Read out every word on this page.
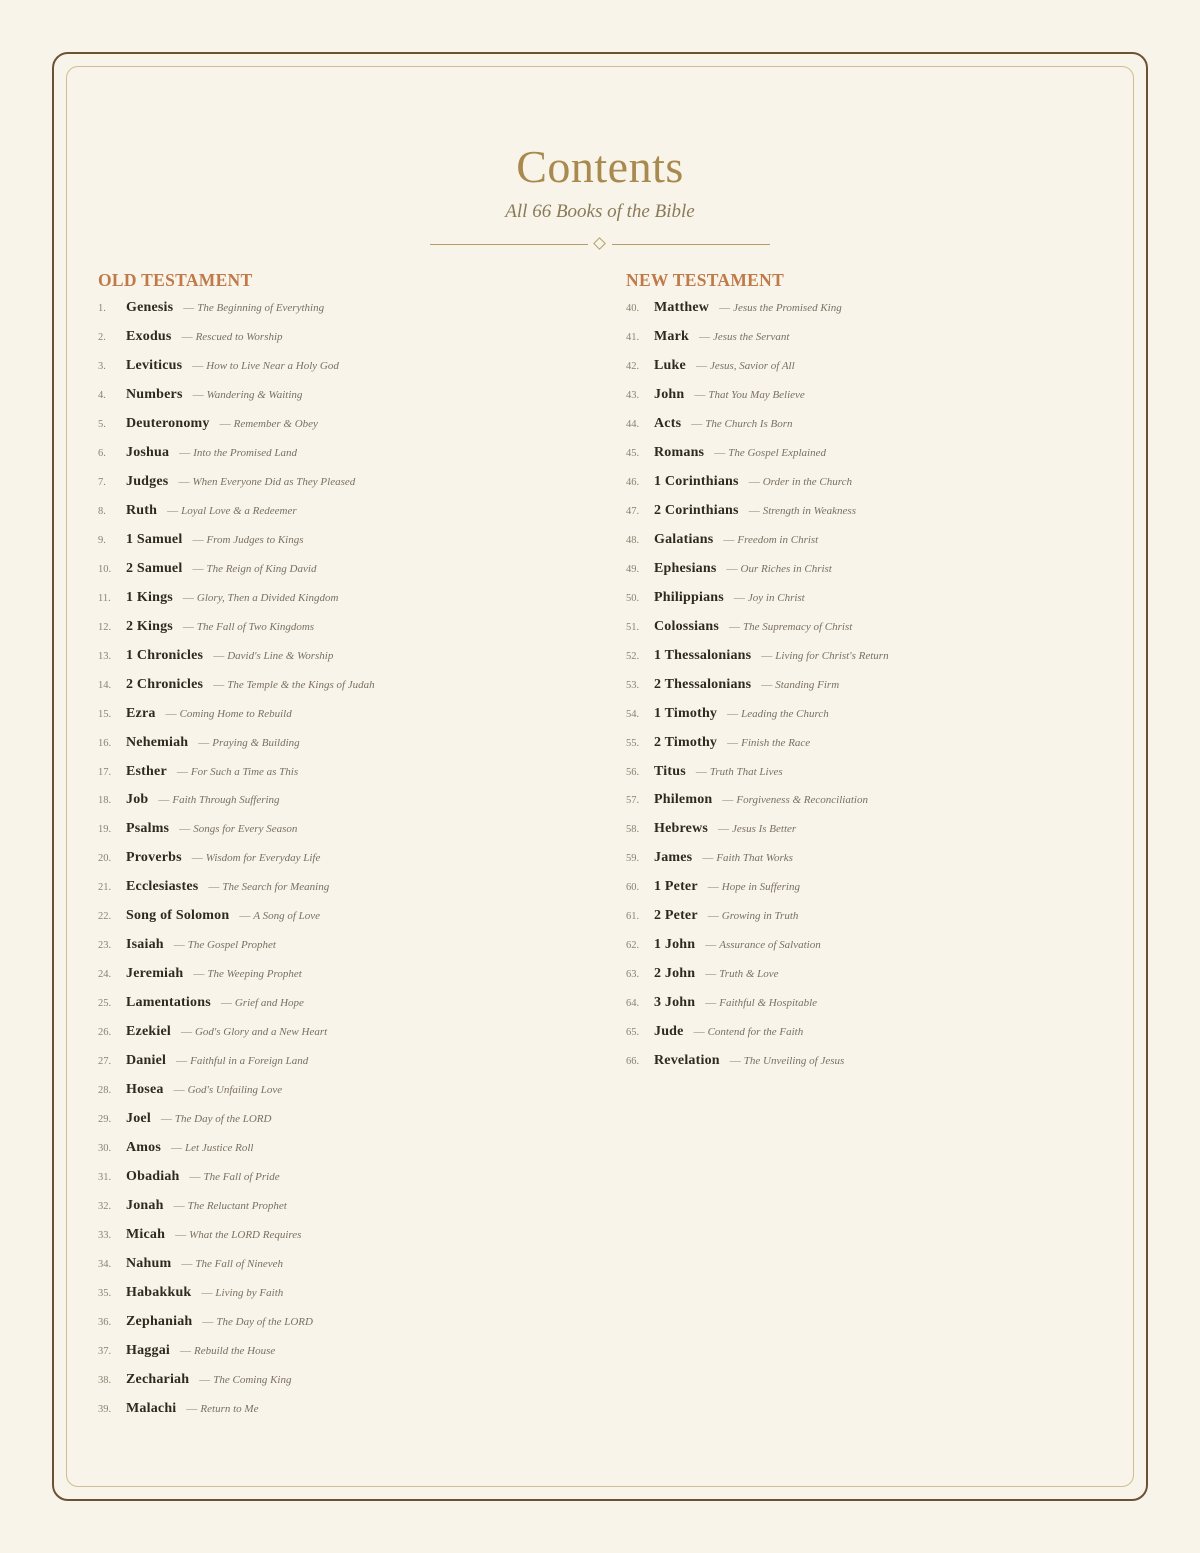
Contents
All 66 Books of the Bible
OLD TESTAMENT
1.	Genesis — The Beginning of Everything
2.	Exodus — Rescued to Worship
3.	Leviticus — How to Live Near a Holy God
4.	Numbers — Wandering & Waiting
5.	Deuteronomy — Remember & Obey
6.	Joshua — Into the Promised Land
7.	Judges — When Everyone Did as They Pleased
8.	Ruth — Loyal Love & a Redeemer
9.	1 Samuel — From Judges to Kings
10.	2 Samuel — The Reign of King David
11.	1 Kings — Glory, Then a Divided Kingdom
12.	2 Kings — The Fall of Two Kingdoms
13.	1 Chronicles — David's Line & Worship
14.	2 Chronicles — The Temple & the Kings of Judah
15.	Ezra — Coming Home to Rebuild
16.	Nehemiah — Praying & Building
17.	Esther — For Such a Time as This
18.	Job — Faith Through Suffering
19.	Psalms — Songs for Every Season
20.	Proverbs — Wisdom for Everyday Life
21.	Ecclesiastes — The Search for Meaning
22.	Song of Solomon — A Song of Love
23.	Isaiah — The Gospel Prophet
24.	Jeremiah — The Weeping Prophet
25.	Lamentations — Grief and Hope
26.	Ezekiel — God's Glory and a New Heart
27.	Daniel — Faithful in a Foreign Land
28.	Hosea — God's Unfailing Love
29.	Joel — The Day of the LORD
30.	Amos — Let Justice Roll
31.	Obadiah — The Fall of Pride
32.	Jonah — The Reluctant Prophet
33.	Micah — What the LORD Requires
34.	Nahum — The Fall of Nineveh
35.	Habakkuk — Living by Faith
36.	Zephaniah — The Day of the LORD
37.	Haggai — Rebuild the House
38.	Zechariah — The Coming King
39.	Malachi — Return to Me
NEW TESTAMENT
40.	Matthew — Jesus the Promised King
41.	Mark — Jesus the Servant
42.	Luke — Jesus, Savior of All
43.	John — That You May Believe
44.	Acts — The Church Is Born
45.	Romans — The Gospel Explained
46.	1 Corinthians — Order in the Church
47.	2 Corinthians — Strength in Weakness
48.	Galatians — Freedom in Christ
49.	Ephesians — Our Riches in Christ
50.	Philippians — Joy in Christ
51.	Colossians — The Supremacy of Christ
52.	1 Thessalonians — Living for Christ's Return
53.	2 Thessalonians — Standing Firm
54.	1 Timothy — Leading the Church
55.	2 Timothy — Finish the Race
56.	Titus — Truth That Lives
57.	Philemon — Forgiveness & Reconciliation
58.	Hebrews — Jesus Is Better
59.	James — Faith That Works
60.	1 Peter — Hope in Suffering
61.	2 Peter — Growing in Truth
62.	1 John — Assurance of Salvation
63.	2 John — Truth & Love
64.	3 John — Faithful & Hospitable
65.	Jude — Contend for the Faith
66.	Revelation — The Unveiling of Jesus
